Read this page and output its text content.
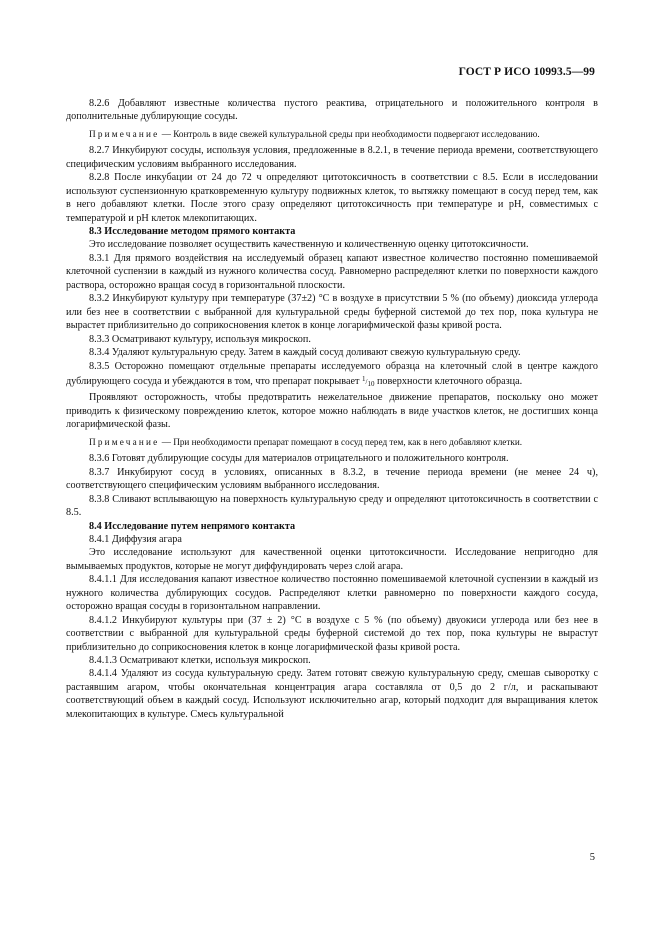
ГОСТ Р ИСО 10993.5—99

8.2.6 Добавляют известные количества пустого реактива, отрицательного и положительного контроля в дополнительные дублирующие сосуды.

Примечание — Контроль в виде свежей культуральной среды при необходимости подвергают исследованию.

8.2.7 Инкубируют сосуды, используя условия, предложенные в 8.2.1, в течение периода времени, соответствующего специфическим условиям выбранного исследования.

8.2.8 После инкубации от 24 до 72 ч определяют цитотоксичность в соответствии с 8.5. Если в исследовании используют суспензионную кратковременную культуру подвижных клеток, то вытяжку помещают в сосуд перед тем, как в него добавляют клетки. После этого сразу определяют цитотоксичность при температуре и pH, совместимых с температурой и pH клеток млекопитающих.

8.3 Исследование методом прямого контакта

Это исследование позволяет осуществить качественную и количественную оценку цитотоксичности.

8.3.1 Для прямого воздействия на исследуемый образец капают известное количество постоянно помешиваемой клеточной суспензии в каждый из нужного количества сосуд. Равномерно распределяют клетки по поверхности каждого раствора, осторожно вращая сосуд в горизонтальной плоскости.

8.3.2 Инкубируют культуру при температуре (37±2) °С в воздухе в присутствии 5 % (по объему) диоксида углерода или без нее в соответствии с выбранной для культуральной среды буферной системой до тех пор, пока культура не вырастет приблизительно до соприкосновения клеток в конце логарифмической фазы кривой роста.

8.3.3 Осматривают культуру, используя микроскоп.

8.3.4 Удаляют культуральную среду. Затем в каждый сосуд доливают свежую культуральную среду.

8.3.5 Осторожно помещают отдельные препараты исследуемого образца на клеточный слой в центре каждого дублирующего сосуда и убеждаются в том, что препарат покрывает 1/10 поверхности клеточного образца.

Проявляют осторожность, чтобы предотвратить нежелательное движение препаратов, поскольку оно может приводить к физическому повреждению клеток, которое можно наблюдать в виде участков клеток, не достигших конца логарифмической фазы.

Примечание — При необходимости препарат помещают в сосуд перед тем, как в него добавляют клетки.

8.3.6 Готовят дублирующие сосуды для материалов отрицательного и положительного контроля.

8.3.7 Инкубируют сосуд в условиях, описанных в 8.3.2, в течение периода времени (не менее 24 ч), соответствующего специфическим условиям выбранного исследования.

8.3.8 Сливают всплывающую на поверхность культуральную среду и определяют цитотоксичность в соответствии с 8.5.

8.4 Исследование путем непрямого контакта

8.4.1 Диффузия агара

Это исследование используют для качественной оценки цитотоксичности. Исследование непригодно для вымываемых продуктов, которые не могут диффундировать через слой агара.

8.4.1.1 Для исследования капают известное количество постоянно помешиваемой клеточной суспензии в каждый из нужного количества дублирующих сосудов. Распределяют клетки равномерно по поверхности каждого сосуда, осторожно вращая сосуды в горизонтальном направлении.

8.4.1.2 Инкубируют культуры при (37 ± 2) °С в воздухе с 5 % (по объему) двуокиси углерода или без нее в соответствии с выбранной для культуральной среды буферной системой до тех пор, пока культуры не вырастут приблизительно до соприкосновения клеток в конце логарифмической фазы кривой роста.

8.4.1.3 Осматривают клетки, используя микроскоп.

8.4.1.4 Удаляют из сосуда культуральную среду. Затем готовят свежую культуральную среду, смешав сыворотку с растаявшим агаром, чтобы окончательная концентрация агара составляла от 0,5 до 2 г/л, и раскапывают соответствующий объем в каждый сосуд. Используют исключительно агар, который подходит для выращивания клеток млекопитающих в культуре. Смесь культуральной

5
